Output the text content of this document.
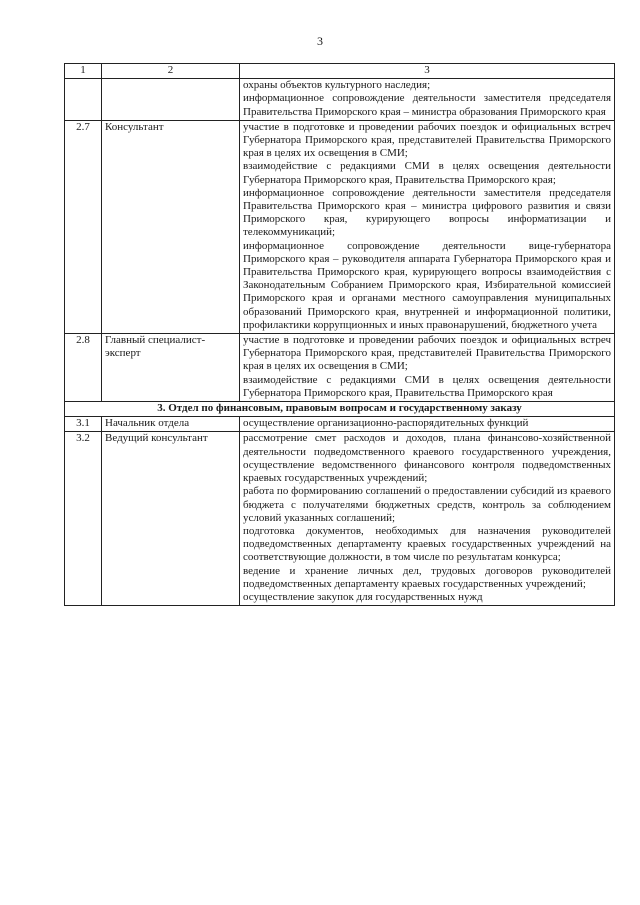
3
1	2	3

		охраны объектов культурного наследия;
информационное сопровождение деятельности заместителя председателя Правительства Приморского края – министра образования Приморского края

2.7	Консультант	участие в подготовке и проведении рабочих поездок и официальных встреч Губернатора Приморского края, представителей Правительства Приморского края в целях их освещения в СМИ;
взаимодействие с редакциями СМИ в целях освещения деятельности Губернатора Приморского края, Правительства Приморского края;
информационное сопровождение деятельности заместителя председателя Правительства Приморского края – министра цифрового развития и связи Приморского края, курирующего вопросы информатизации и телекоммуникаций;
информационное сопровождение деятельности вице-губернатора Приморского края – руководителя аппарата Губернатора Приморского края и Правительства Приморского края, курирующего вопросы взаимодействия с Законодательным Собранием Приморского края, Избирательной комиссией Приморского края и органами местного самоуправления муниципальных образований Приморского края, внутренней и информационной политики, профилактики коррупционных и иных правонарушений, бюджетного учета

2.8	Главный специалист-эксперт	участие в подготовке и проведении рабочих поездок и официальных встреч Губернатора Приморского края, представителей Правительства Приморского края в целях их освещения в СМИ;
взаимодействие с редакциями СМИ в целях освещения деятельности Губернатора Приморского края, Правительства Приморского края

3. Отдел по финансовым, правовым вопросам и государственному заказу		
3.1	Начальник отдела	осуществление организационно-распорядительных функций

3.2	Ведущий консультант	рассмотрение смет расходов и доходов, плана финансово-хозяйственной деятельности подведомственного краевого государственного учреждения, осуществление ведомственного финансового контроля подведомственных краевых государственных учреждений;
работа по формированию соглашений о предоставлении субсидий из краевого бюджета с получателями бюджетных средств, контроль за соблюдением условий указанных соглашений;
подготовка документов, необходимых для назначения руководителей подведомственных департаменту краевых государственных учреждений на соответствующие должности, в том числе по результатам конкурса;
ведение и хранение личных дел, трудовых договоров руководителей подведомственных департаменту краевых государственных учреждений;
осуществление закупок для государственных нужд
